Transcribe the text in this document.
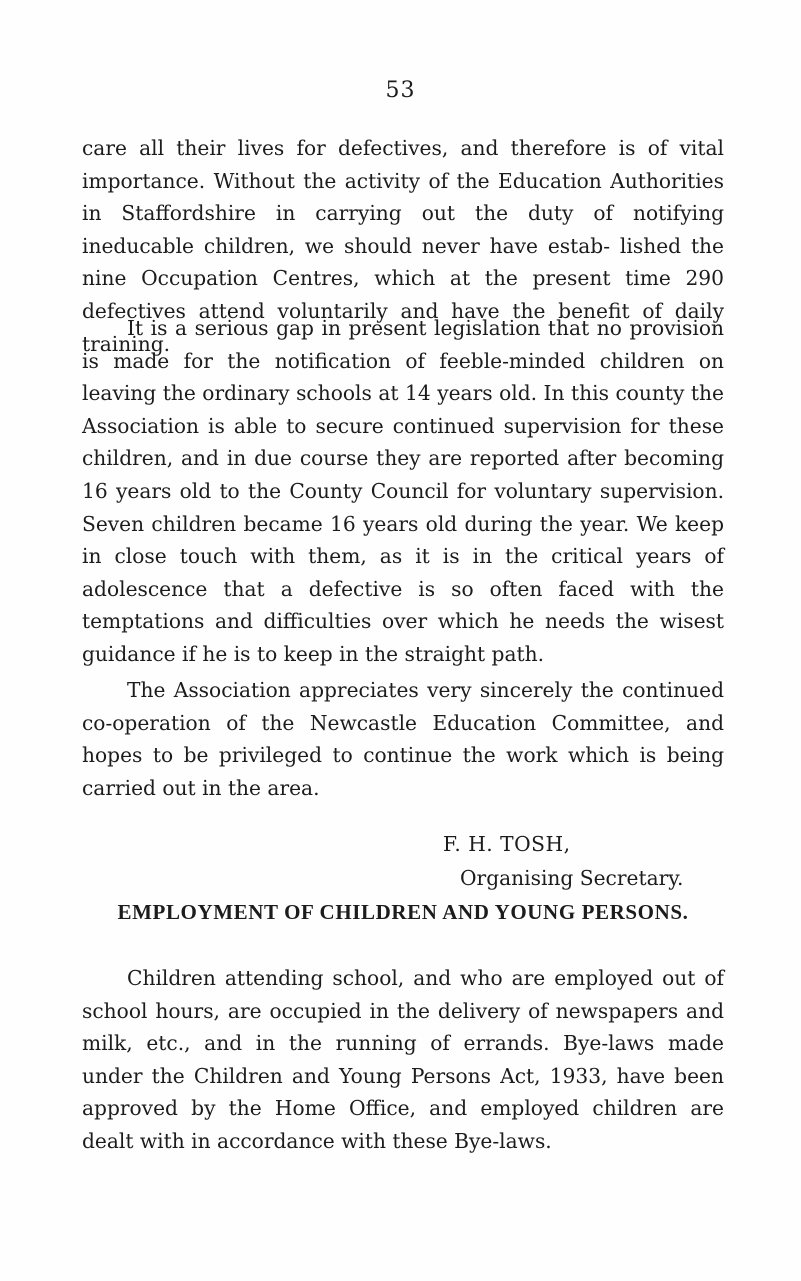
53

care all their lives for defectives, and therefore is of vital importance. Without the activity of the Education Authorities in Staffordshire in carrying out the duty of notifying ineducable children, we should never have estab- lished the nine Occupation Centres, which at the present time 290 defectives attend voluntarily and have the benefit of daily training.

It is a serious gap in present legislation that no provision is made for the notification of feeble-minded children on leaving the ordinary schools at 14 years old. In this county the Association is able to secure continued supervision for these children, and in due course they are reported after becoming 16 years old to the County Council for voluntary supervision. Seven children became 16 years old during the year. We keep in close touch with them, as it is in the critical years of adolescence that a defective is so often faced with the temptations and difficulties over which he needs the wisest guidance if he is to keep in the straight path.

The Association appreciates very sincerely the continued co-operation of the Newcastle Education Committee, and hopes to be privileged to continue the work which is being carried out in the area.

F. H. TOSH,
Organising Secretary.
EMPLOYMENT OF CHILDREN AND YOUNG PERSONS.

Children attending school, and who are employed out of school hours, are occupied in the delivery of newspapers and milk, etc., and in the running of errands. Bye-laws made under the Children and Young Persons Act, 1933, have been approved by the Home Office, and employed children are dealt with in accordance with these Bye-laws.
